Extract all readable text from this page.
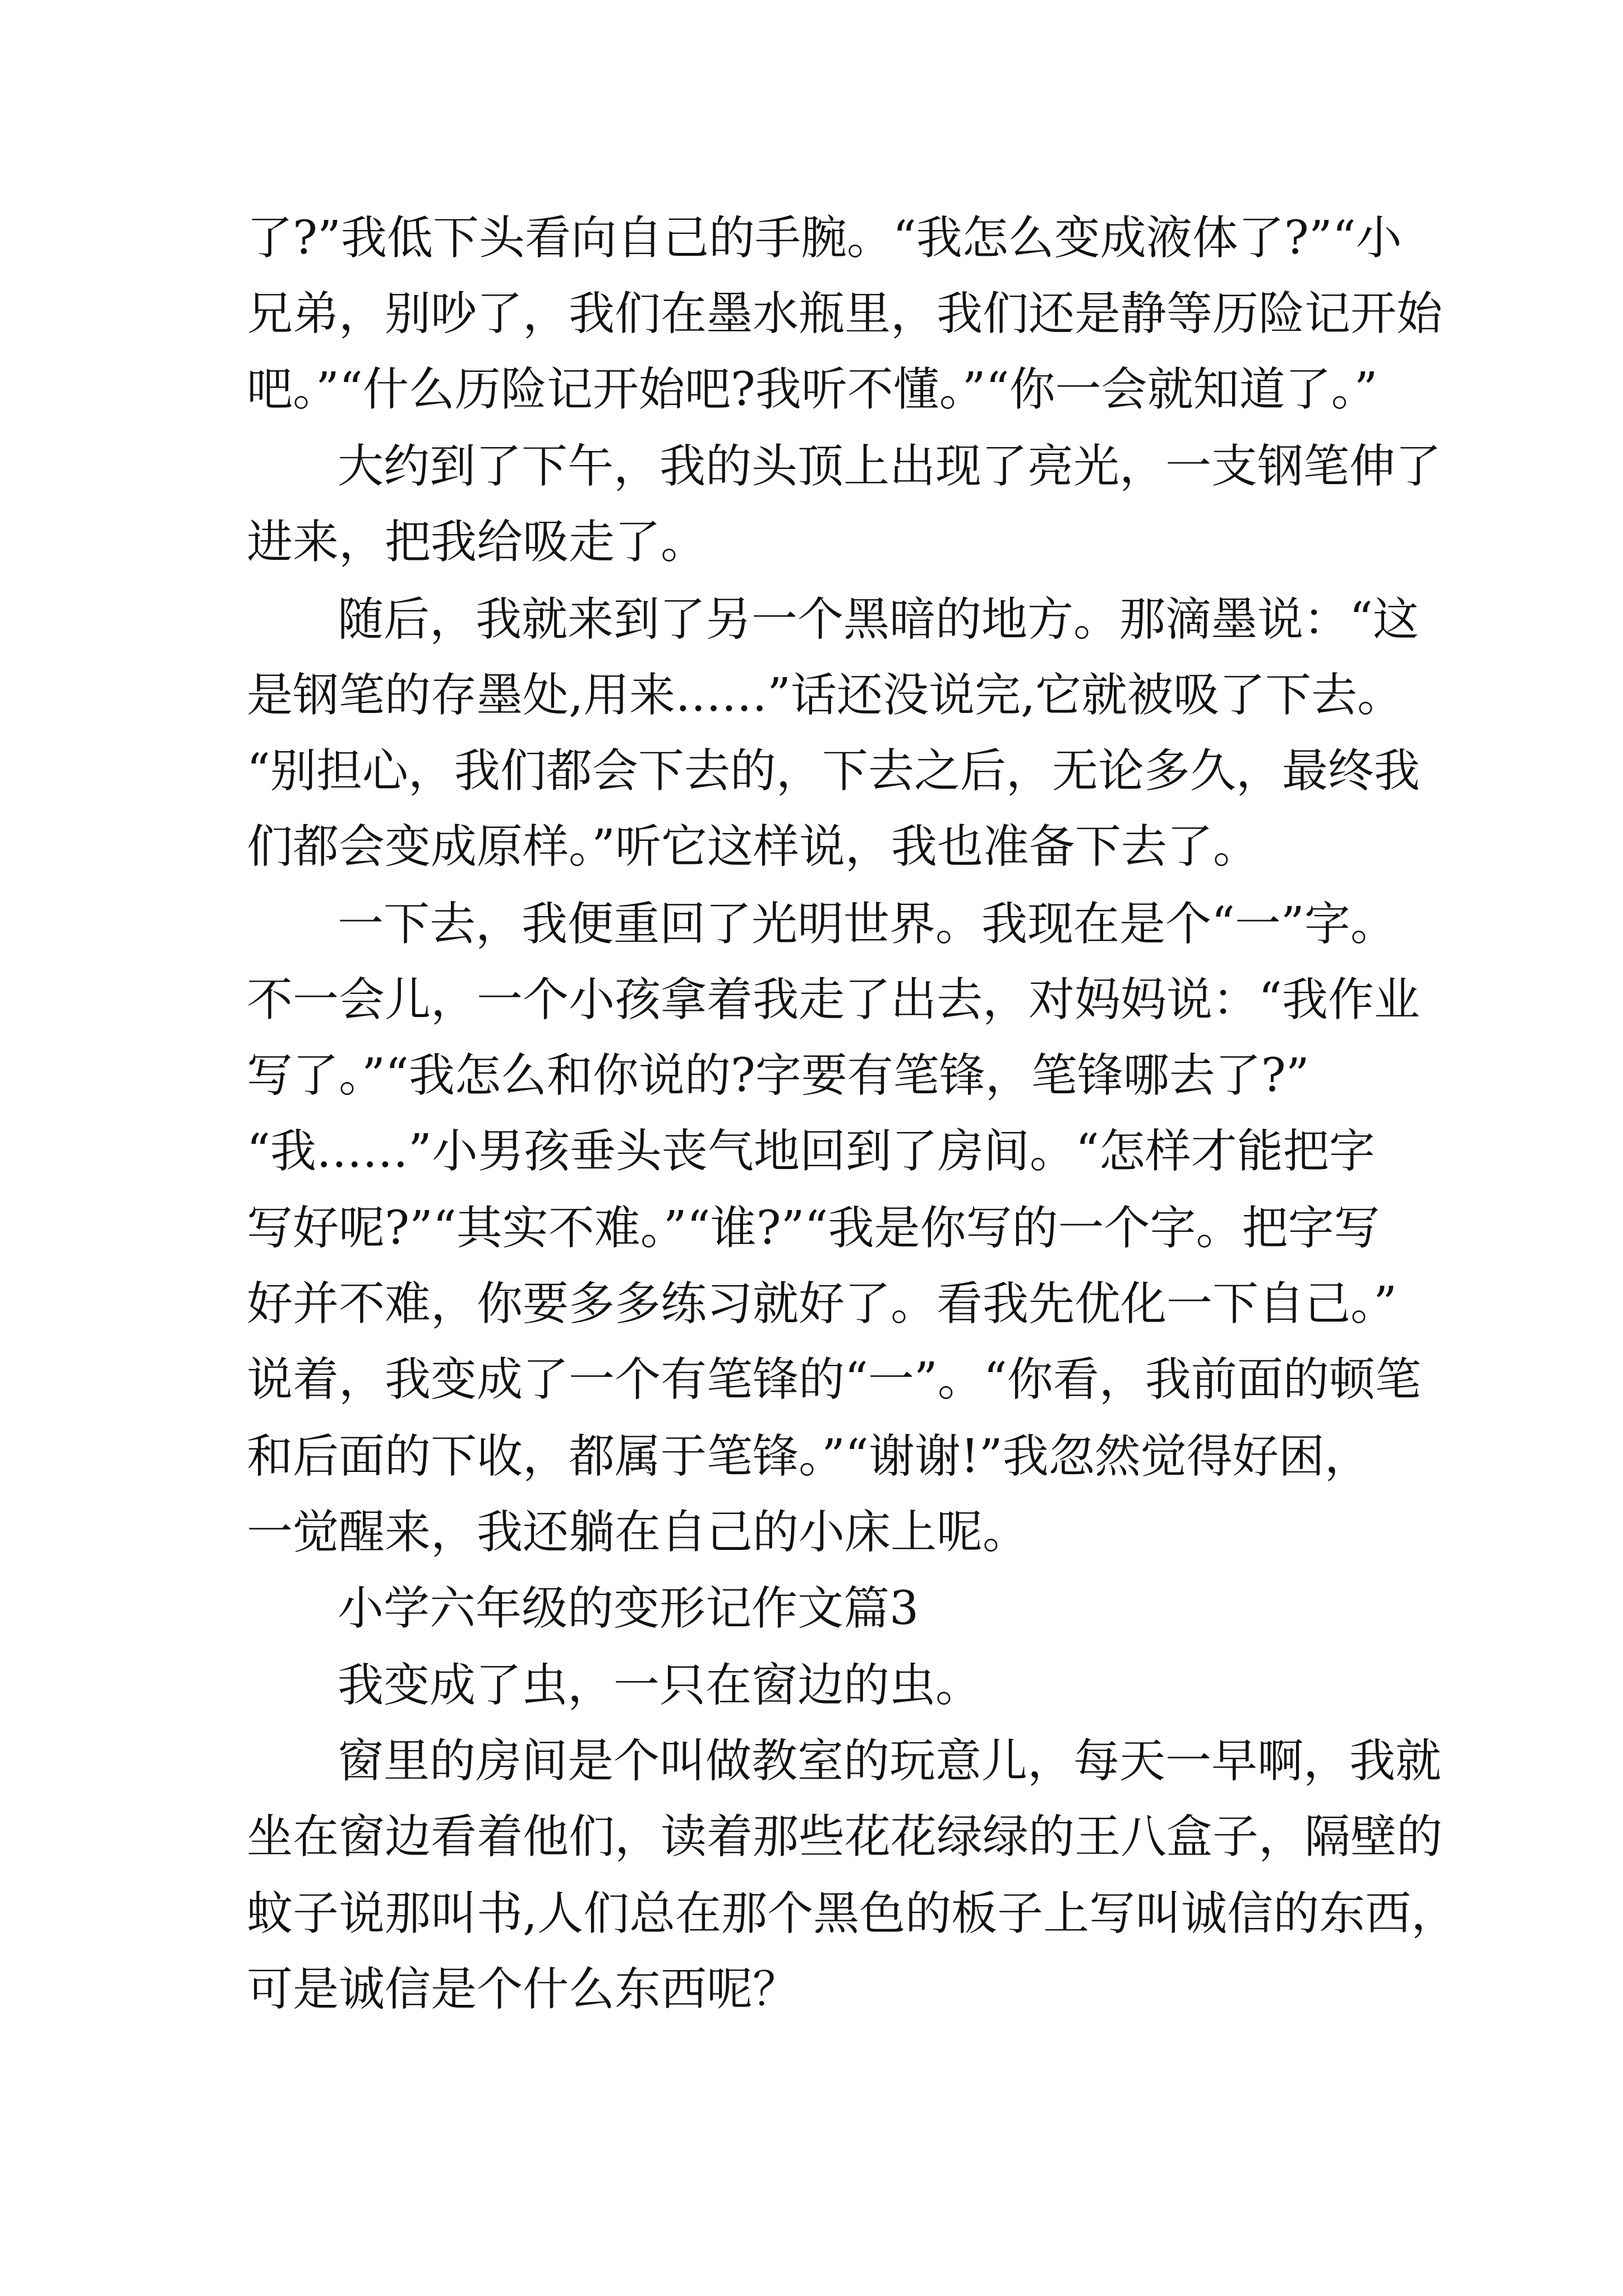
了?”我低下头看向自己的手腕。“我怎么变成液体了?”“小
兄弟，别吵了，我们在墨水瓶里，我们还是静等历险记开始
吧。”“什么历险记开始吧?我听不懂。”“你一会就知道了。”
大约到了下午，我的头顶上出现了亮光，一支钢笔伸了
进来，把我给吸走了。
随后，我就来到了另一个黑暗的地方。那滴墨说：“这
是钢笔的存墨处,用来……”话还没说完,它就被吸了下去。
“别担心，我们都会下去的，下去之后，无论多久，最终我
们都会变成原样。”听它这样说，我也准备下去了。
一下去，我便重回了光明世界。我现在是个“一”字。
不一会儿，一个小孩拿着我走了出去，对妈妈说：“我作业
写了。”“我怎么和你说的?字要有笔锋，笔锋哪去了?”
“我……”小男孩垂头丧气地回到了房间。“怎样才能把字
写好呢?”“其实不难。”“谁?”“我是你写的一个字。把字写
好并不难，你要多多练习就好了。看我先优化一下自己。”
说着，我变成了一个有笔锋的“一”。“你看，我前面的顿笔
和后面的下收，都属于笔锋。”“谢谢!”我忽然觉得好困，
一觉醒来，我还躺在自己的小床上呢。
小学六年级的变形记作文篇3
我变成了虫，一只在窗边的虫。
窗里的房间是个叫做教室的玩意儿，每天一早啊，我就
坐在窗边看着他们，读着那些花花绿绿的王八盒子，隔壁的
蚊子说那叫书,人们总在那个黑色的板子上写叫诚信的东西，
可是诚信是个什么东西呢？
